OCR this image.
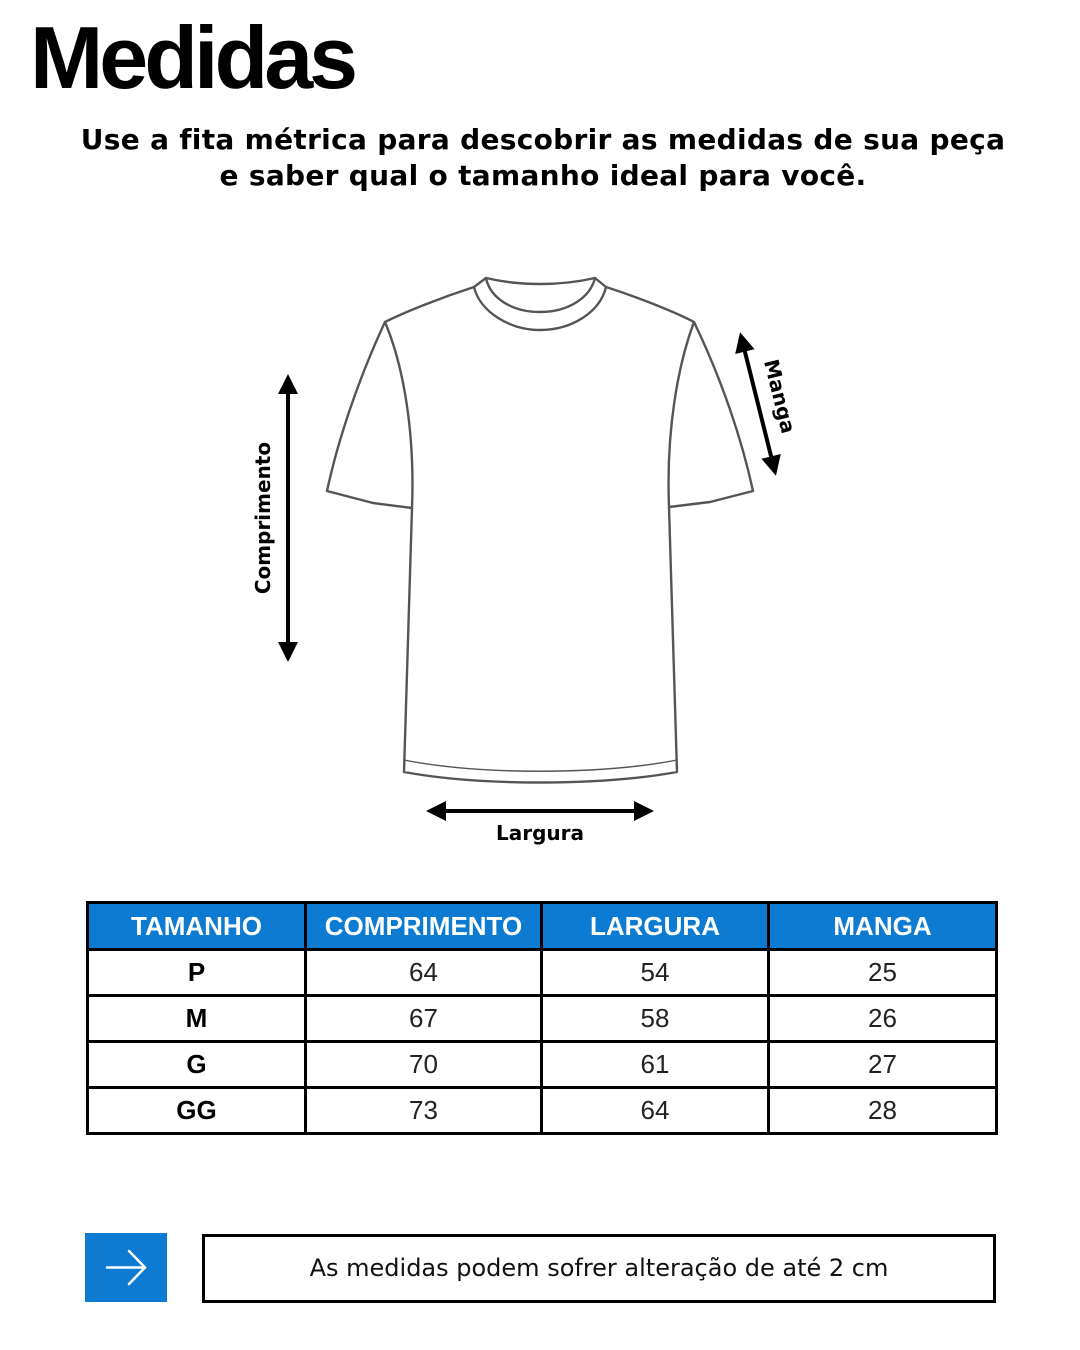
Medidas
Use a fita métrica para descobrir as medidas de sua peça
e saber qual o tamanho ideal para você.
Comprimento
Manga
Largura
TAMANHO	COMPRIMENTO	LARGURA	MANGA
P	64	54	25
M	67	58	26
G	70	61	27
GG	73	64	28
As medidas podem sofrer alteração de até 2 cm
